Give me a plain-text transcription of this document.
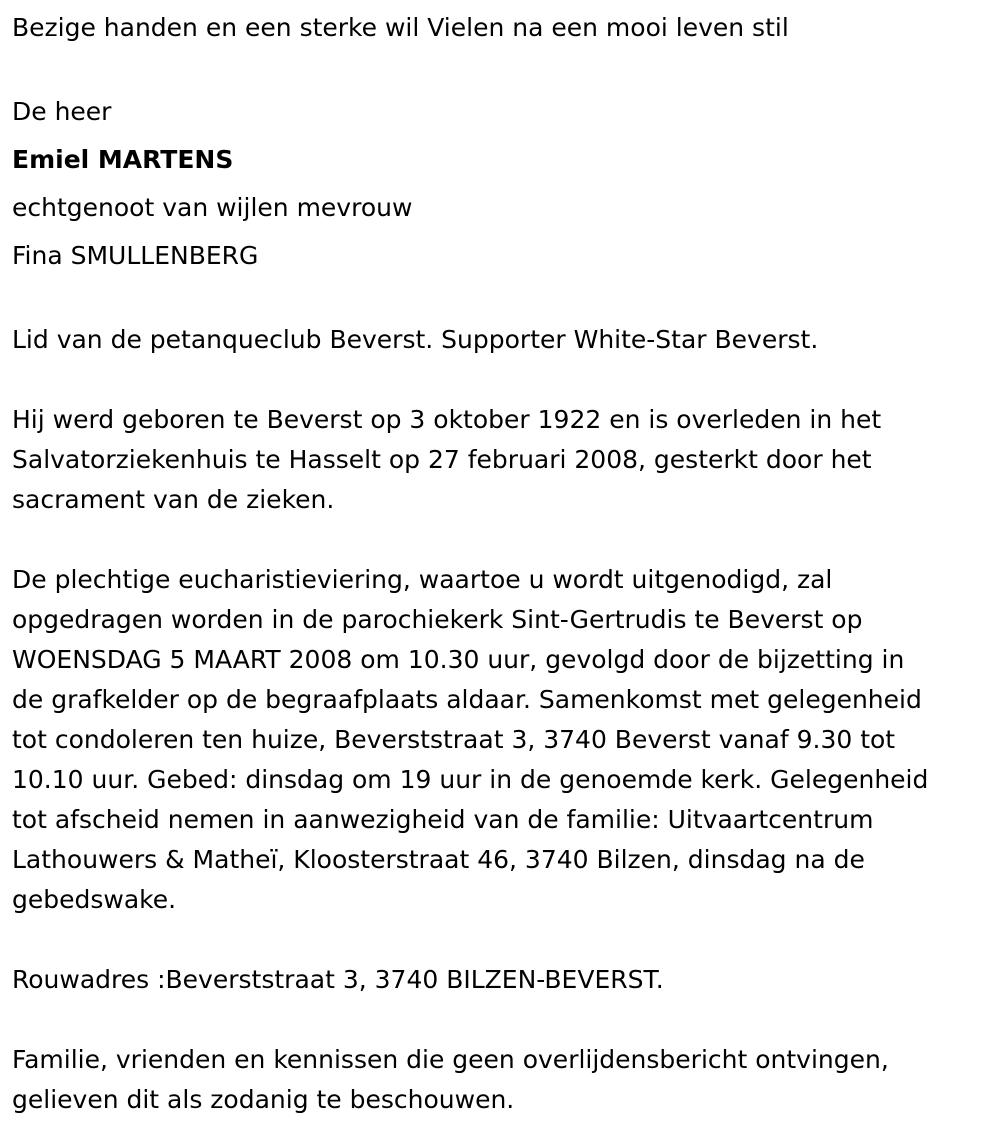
Bezige handen en een sterke wil Vielen na een mooi leven stil

De heer

Emiel MARTENS

echtgenoot van wijlen mevrouw

Fina SMULLENBERG

Lid van de petanqueclub Beverst. Supporter White-Star Beverst.

Hij werd geboren te Beverst op 3 oktober 1922 en is overleden in het

Salvatorziekenhuis te Hasselt op 27 februari 2008, gesterkt door het

sacrament van de zieken.

De plechtige eucharistieviering, waartoe u wordt uitgenodigd, zal

opgedragen worden in de parochiekerk Sint-Gertrudis te Beverst op

WOENSDAG 5 MAART 2008 om 10.30 uur, gevolgd door de bijzetting in

de grafkelder op de begraafplaats aldaar. Samenkomst met gelegenheid

tot condoleren ten huize, Beverststraat 3, 3740 Beverst vanaf 9.30 tot

10.10 uur. Gebed: dinsdag om 19 uur in de genoemde kerk. Gelegenheid

tot afscheid nemen in aanwezigheid van de familie: Uitvaartcentrum

Lathouwers & Matheï, Kloosterstraat 46, 3740 Bilzen, dinsdag na de

gebedswake.

Rouwadres :Beverststraat 3, 3740 BILZEN-BEVERST.

Familie, vrienden en kennissen die geen overlijdensbericht ontvingen,

gelieven dit als zodanig te beschouwen.
